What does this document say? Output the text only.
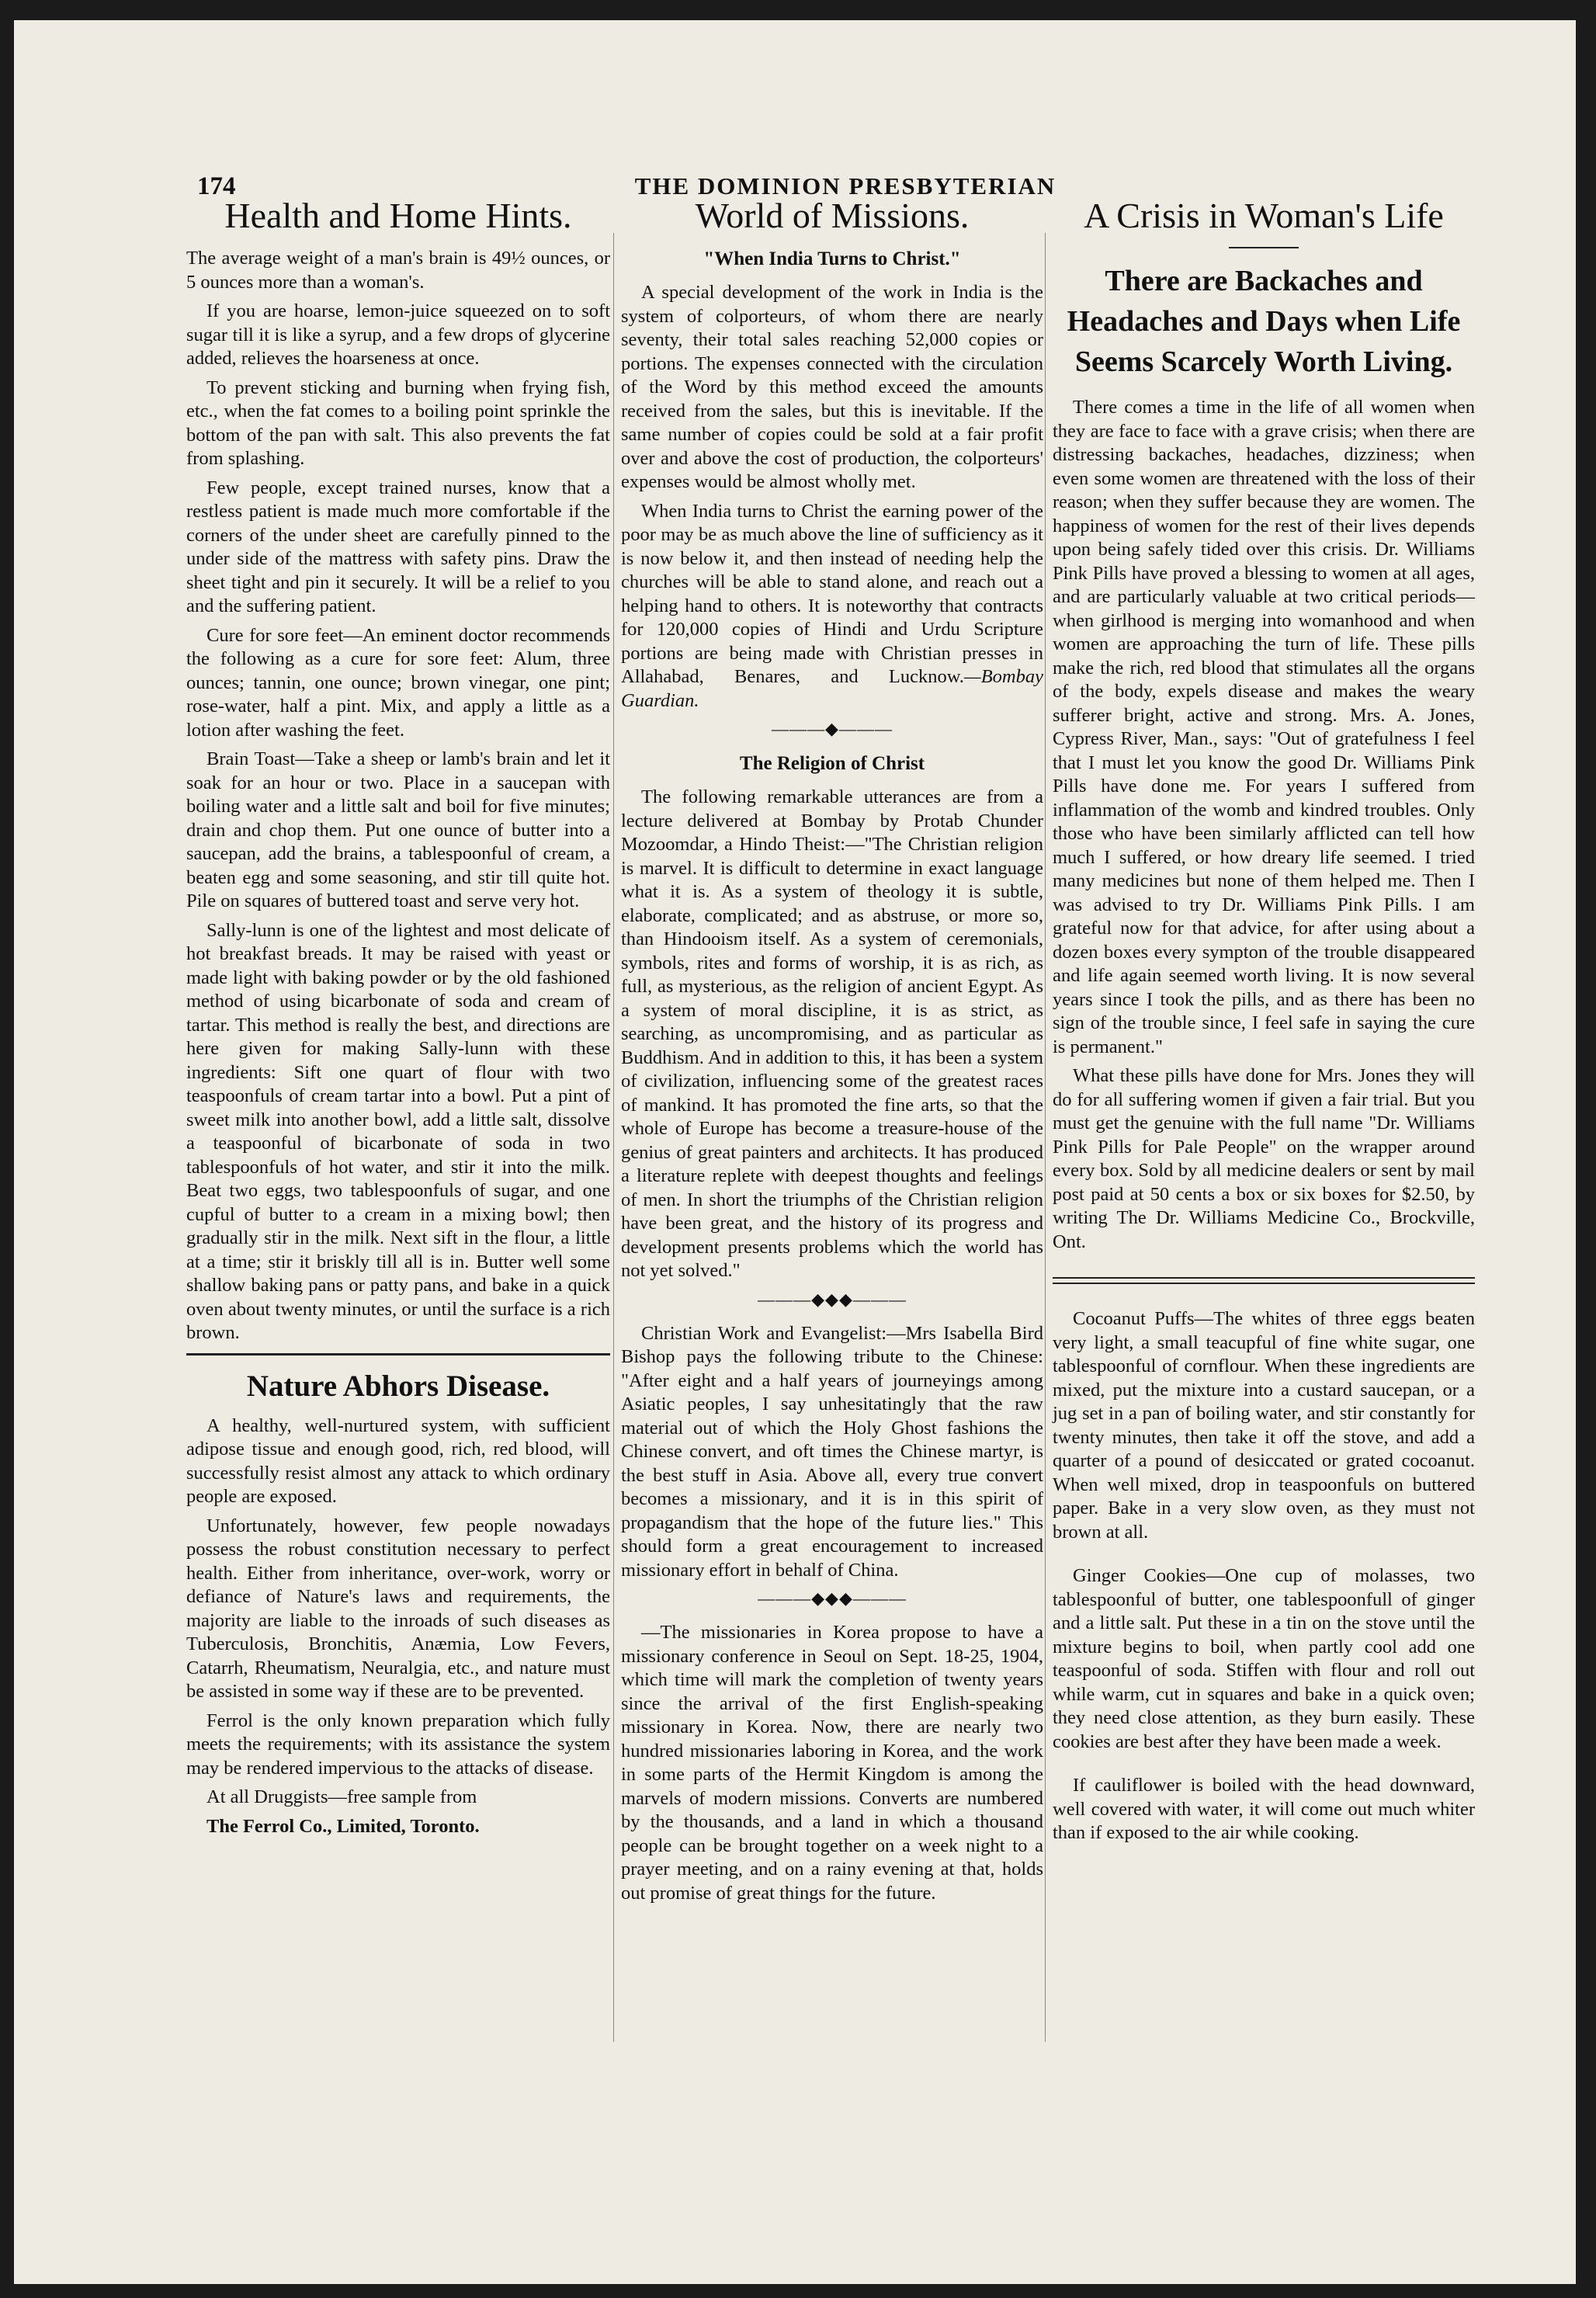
174	THE DOMINION PRESBYTERIAN
Health and Home Hints.

The average weight of a man's brain is 49½ ounces, or 5 ounces more than a woman's.

If you are hoarse, lemon-juice squeezed on to soft sugar till it is like a syrup, and a few drops of glycerine added, relieves the hoarseness at once.

To prevent sticking and burning when frying fish, etc., when the fat comes to a boiling point sprinkle the bottom of the pan with salt. This also prevents the fat from splashing.

Few people, except trained nurses, know that a restless patient is made much more comfortable if the corners of the under sheet are carefully pinned to the under side of the mattress with safety pins. Draw the sheet tight and pin it securely. It will be a relief to you and the suffering patient.

Cure for sore feet—An eminent doctor recommends the following as a cure for sore feet: Alum, three ounces; tannin, one ounce; brown vinegar, one pint; rose-water, half a pint. Mix, and apply a little as a lotion after washing the feet.

Brain Toast—Take a sheep or lamb's brain and let it soak for an hour or two. Place in a saucepan with boiling water and a little salt and boil for five minutes; drain and chop them. Put one ounce of butter into a saucepan, add the brains, a tablespoonful of cream, a beaten egg and some seasoning, and stir till quite hot. Pile on squares of buttered toast and serve very hot.

Sally-lunn is one of the lightest and most delicate of hot breakfast breads. It may be raised with yeast or made light with baking powder or by the old fashioned method of using bicarbonate of soda and cream of tartar. This method is really the best, and directions are here given for making Sally-lunn with these ingredients: Sift one quart of flour with two teaspoonfuls of cream tartar into a bowl. Put a pint of sweet milk into another bowl, add a little salt, dissolve a teaspoonful of bicarbonate of soda in two tablespoonfuls of hot water, and stir it into the milk. Beat two eggs, two tablespoonfuls of sugar, and one cupful of butter to a cream in a mixing bowl; then gradually stir in the milk. Next sift in the flour, a little at a time; stir it briskly till all is in. Butter well some shallow baking pans or patty pans, and bake in a quick oven about twenty minutes, or until the surface is a rich brown.

Nature Abhors Disease.

A healthy, well-nurtured system, with sufficient adipose tissue and enough good, rich, red blood, will successfully resist almost any attack to which ordinary people are exposed.

Unfortunately, however, few people nowadays possess the robust constitution necessary to perfect health. Either from inheritance, over-work, worry or defiance of Nature's laws and requirements, the majority are liable to the inroads of such diseases as Tuberculosis, Bronchitis, Anæmia, Low Fevers, Catarrh, Rheumatism, Neuralgia, etc., and nature must be assisted in some way if these are to be prevented.

Ferrol is the only known preparation which fully meets the requirements; with its assistance the system may be rendered impervious to the attacks of disease.

At all Druggists—free sample from

The Ferrol Co., Limited, Toronto.

World of Missions.
"When India Turns to Christ."

A special development of the work in India is the system of colporteurs, of whom there are nearly seventy, their total sales reaching 52,000 copies or portions. The expenses connected with the circulation of the Word by this method exceed the amounts received from the sales, but this is inevitable. If the same number of copies could be sold at a fair profit over and above the cost of production, the colporteurs' expenses would be almost wholly met.

When India turns to Christ the earning power of the poor may be as much above the line of sufficiency as it is now below it, and then instead of needing help the churches will be able to stand alone, and reach out a helping hand to others. It is noteworthy that contracts for 120,000 copies of Hindi and Urdu Scripture portions are being made with Christian presses in Allahabad, Benares, and Lucknow.—Bombay Guardian.

———◆———
The Religion of Christ

The following remarkable utterances are from a lecture delivered at Bombay by Protab Chunder Mozoomdar, a Hindo Theist:—"The Christian religion is marvel. It is difficult to determine in exact language what it is. As a system of theology it is subtle, elaborate, complicated; and as abstruse, or more so, than Hindooism itself. As a system of ceremonials, symbols, rites and forms of worship, it is as rich, as full, as mysterious, as the religion of ancient Egypt. As a system of moral discipline, it is as strict, as searching, as uncompromising, and as particular as Buddhism. And in addition to this, it has been a system of civilization, influencing some of the greatest races of mankind. It has promoted the fine arts, so that the whole of Europe has become a treasure-house of the genius of great painters and architects. It has produced a literature replete with deepest thoughts and feelings of men. In short the triumphs of the Christian religion have been great, and the history of its progress and development presents problems which the world has not yet solved."

———◆◆◆———

Christian Work and Evangelist:—Mrs Isabella Bird Bishop pays the following tribute to the Chinese: "After eight and a half years of journeyings among Asiatic peoples, I say unhesitatingly that the raw material out of which the Holy Ghost fashions the Chinese convert, and oft times the Chinese martyr, is the best stuff in Asia. Above all, every true convert becomes a missionary, and it is in this spirit of propagandism that the hope of the future lies." This should form a great encouragement to increased missionary effort in behalf of China.

———◆◆◆———

—The missionaries in Korea propose to have a missionary conference in Seoul on Sept. 18-25, 1904, which time will mark the completion of twenty years since the arrival of the first English-speaking missionary in Korea. Now, there are nearly two hundred missionaries laboring in Korea, and the work in some parts of the Hermit Kingdom is among the marvels of modern missions. Converts are numbered by the thousands, and a land in which a thousand people can be brought together on a week night to a prayer meeting, and on a rainy evening at that, holds out promise of great things for the future.

A Crisis in Woman's Life
There are Backaches and Headaches and Days when Life Seems Scarcely Worth Living.

There comes a time in the life of all women when they are face to face with a grave crisis; when there are distressing backaches, headaches, dizziness; when even some women are threatened with the loss of their reason; when they suffer because they are women. The happiness of women for the rest of their lives depends upon being safely tided over this crisis. Dr. Williams Pink Pills have proved a blessing to women at all ages, and are particularly valuable at two critical periods—when girlhood is merging into womanhood and when women are approaching the turn of life. These pills make the rich, red blood that stimulates all the organs of the body, expels disease and makes the weary sufferer bright, active and strong. Mrs. A. Jones, Cypress River, Man., says: "Out of gratefulness I feel that I must let you know the good Dr. Williams Pink Pills have done me. For years I suffered from inflammation of the womb and kindred troubles. Only those who have been similarly afflicted can tell how much I suffered, or how dreary life seemed. I tried many medicines but none of them helped me. Then I was advised to try Dr. Williams Pink Pills. I am grateful now for that advice, for after using about a dozen boxes every sympton of the trouble disappeared and life again seemed worth living. It is now several years since I took the pills, and as there has been no sign of the trouble since, I feel safe in saying the cure is permanent."

What these pills have done for Mrs. Jones they will do for all suffering women if given a fair trial. But you must get the genuine with the full name "Dr. Williams Pink Pills for Pale People" on the wrapper around every box. Sold by all medicine dealers or sent by mail post paid at 50 cents a box or six boxes for $2.50, by writing The Dr. Williams Medicine Co., Brockville, Ont.

Cocoanut Puffs—The whites of three eggs beaten very light, a small teacupful of fine white sugar, one tablespoonful of cornflour. When these ingredients are mixed, put the mixture into a custard saucepan, or a jug set in a pan of boiling water, and stir constantly for twenty minutes, then take it off the stove, and add a quarter of a pound of desiccated or grated cocoanut. When well mixed, drop in teaspoonfuls on buttered paper. Bake in a very slow oven, as they must not brown at all.

Ginger Cookies—One cup of molasses, two tablespoonful of butter, one tablespoonfull of ginger and a little salt. Put these in a tin on the stove until the mixture begins to boil, when partly cool add one teaspoonful of soda. Stiffen with flour and roll out while warm, cut in squares and bake in a quick oven; they need close attention, as they burn easily. These cookies are best after they have been made a week.

If cauliflower is boiled with the head downward, well covered with water, it will come out much whiter than if exposed to the air while cooking.
